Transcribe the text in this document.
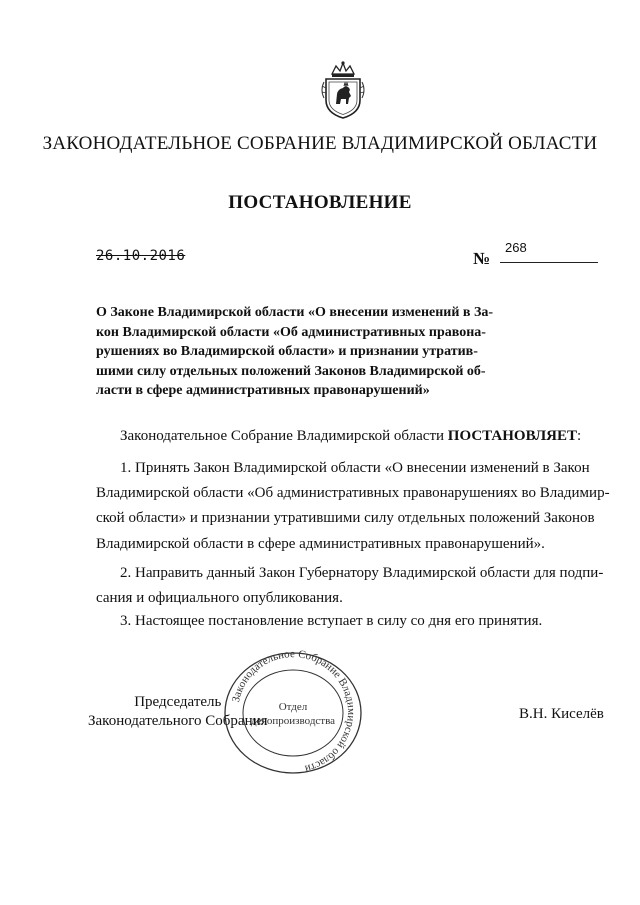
ЗАКОНОДАТЕЛЬНОЕ СОБРАНИЕ ВЛАДИМИРСКОЙ ОБЛАСТИ
ПОСТАНОВЛЕНИЕ
26.10.2016	№
268

О Законе Владимирской области «О внесении изменений в За-
кон Владимирской области «Об административных правона-
рушениях во Владимирской области» и признании утратив-
шими силу отдельных положений Законов Владимирской об-
ласти в сфере административных правонарушений»

Законодательное Собрание Владимирской области ПОСТАНОВЛЯЕТ:

1. Принять Закон Владимирской области «О внесении изменений в Закон
Владимирской области «Об административных правонарушениях во Владимир-
ской области» и признании утратившими силу отдельных положений Законов
Владимирской области в сфере административных правонарушений».

2. Направить данный Закон Губернатору Владимирской области для подпи-
сания и официального опубликования.

3. Настоящее постановление вступает в силу со дня его принятия.

Законодательное Собрание Владимирской области
Отдел
делопроизводства
Председатель
Законодательного Собрания	В.Н. Киселёв
